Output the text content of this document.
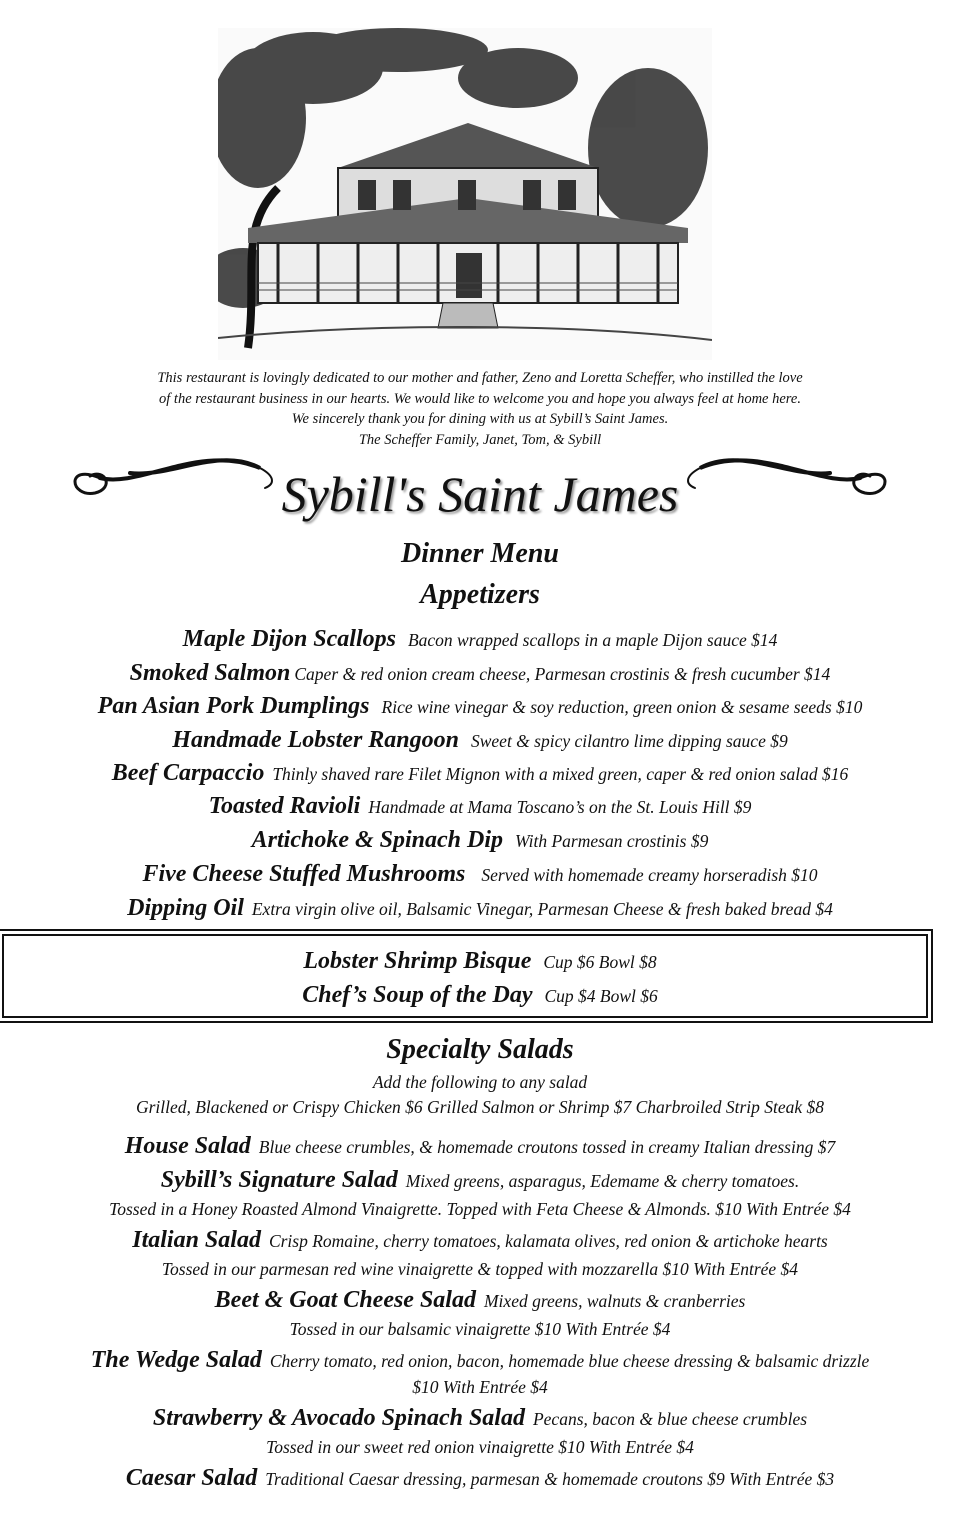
This restaurant is lovingly dedicated to our mother and father, Zeno and Loretta Scheffer, who instilled the love
of the restaurant business in our hearts. We would like to welcome you and hope you always feel at home here.
We sincerely thank you for dining with us at Sybill’s Saint James.
The Scheffer Family, Janet, Tom, & Sybill
Sybill's Saint James
Dinner Menu
Appetizers
Maple Dijon Scallops Bacon wrapped scallops in a maple Dijon sauce $14
Smoked Salmon Caper & red onion cream cheese, Parmesan crostinis & fresh cucumber $14
Pan Asian Pork Dumplings Rice wine vinegar & soy reduction, green onion & sesame seeds $10
Handmade Lobster Rangoon Sweet & spicy cilantro lime dipping sauce $9
Beef Carpaccio Thinly shaved rare Filet Mignon with a mixed green, caper & red onion salad $16
Toasted Ravioli Handmade at Mama Toscano’s on the St. Louis Hill $9
Artichoke & Spinach Dip With Parmesan crostinis $9
Five Cheese Stuffed Mushrooms Served with homemade creamy horseradish $10
Dipping Oil Extra virgin olive oil, Balsamic Vinegar, Parmesan Cheese & fresh baked bread $4
Lobster Shrimp Bisque Cup $6 Bowl $8
Chef’s Soup of the Day Cup $4 Bowl $6
Specialty Salads
Add the following to any salad
Grilled, Blackened or Crispy Chicken $6 Grilled Salmon or Shrimp $7 Charbroiled Strip Steak $8
House Salad Blue cheese crumbles, & homemade croutons tossed in creamy Italian dressing $7
Sybill’s Signature Salad Mixed greens, asparagus, Edemame & cherry tomatoes.
Tossed in a Honey Roasted Almond Vinaigrette. Topped with Feta Cheese & Almonds. $10 With Entrée $4
Italian Salad Crisp Romaine, cherry tomatoes, kalamata olives, red onion & artichoke hearts
Tossed in our parmesan red wine vinaigrette & topped with mozzarella $10 With Entrée $4
Beet & Goat Cheese Salad Mixed greens, walnuts & cranberries
Tossed in our balsamic vinaigrette $10 With Entrée $4
The Wedge Salad Cherry tomato, red onion, bacon, homemade blue cheese dressing & balsamic drizzle
$10 With Entrée $4
Strawberry & Avocado Spinach Salad Pecans, bacon & blue cheese crumbles
Tossed in our sweet red onion vinaigrette $10 With Entrée $4
Caesar Salad Traditional Caesar dressing, parmesan & homemade croutons $9 With Entrée $3
